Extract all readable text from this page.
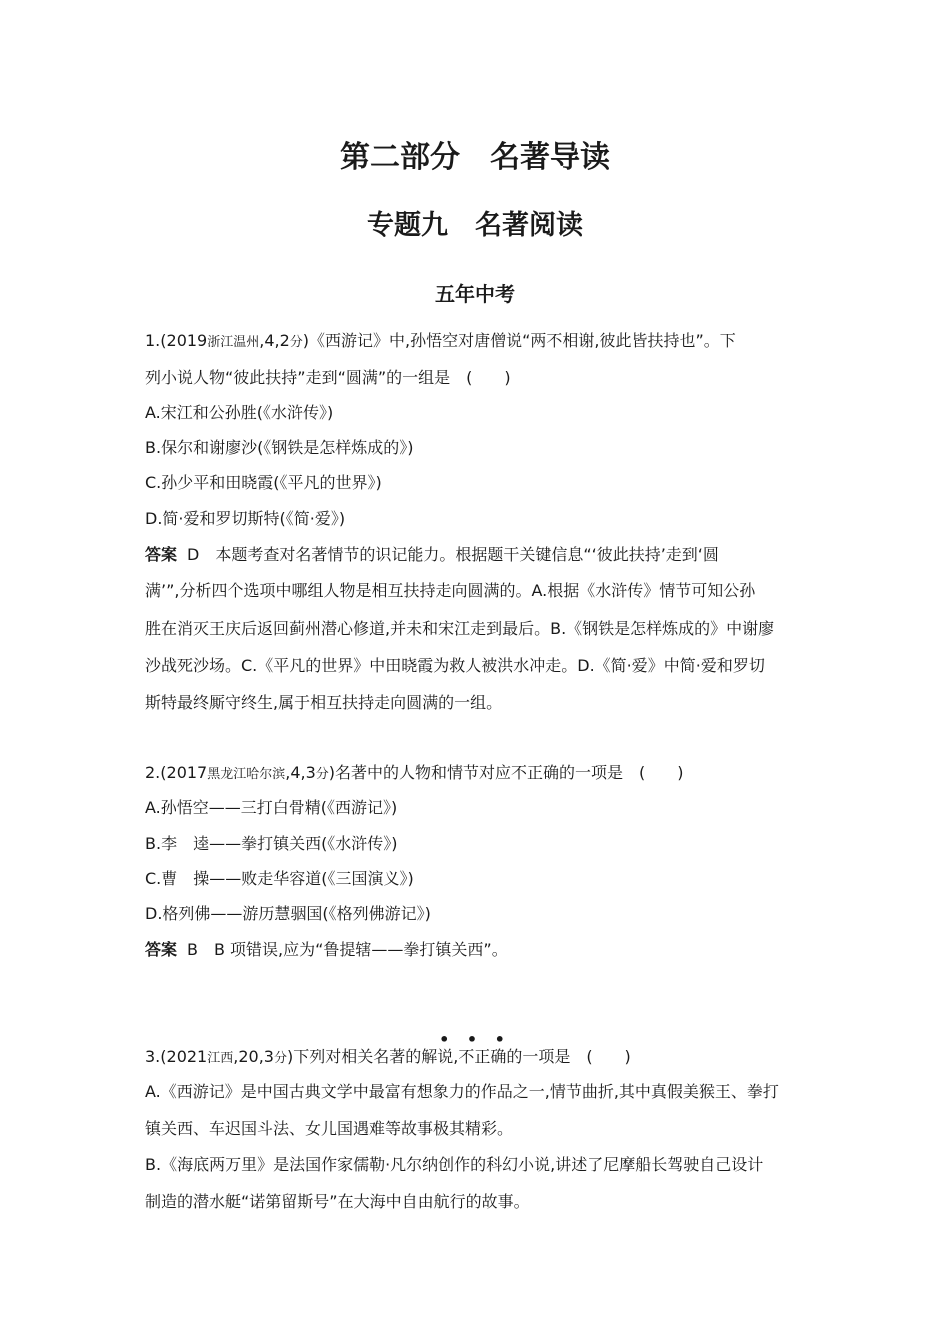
第二部分　名著导读
专题九　名著阅读
五年中考
1.(2019浙江温州,4,2分)《西游记》中,孙悟空对唐僧说“两不相谢,彼此皆扶持也”。下
列小说人物“彼此扶持”走到“圆满”的一组是　(　　)
A.宋江和公孙胜(《水浒传》)
B.保尔和谢廖沙(《钢铁是怎样炼成的》)
C.孙少平和田晓霞(《平凡的世界》)
D.简·爱和罗切斯特(《简·爱》)
答案 D　本题考查对名著情节的识记能力。根据题干关键信息“‘彼此扶持’走到‘圆
满’”,分析四个选项中哪组人物是相互扶持走向圆满的。A.根据《水浒传》情节可知公孙
胜在消灭王庆后返回蓟州潜心修道,并未和宋江走到最后。B.《钢铁是怎样炼成的》中谢廖
沙战死沙场。C.《平凡的世界》中田晓霞为救人被洪水冲走。D.《简·爱》中简·爱和罗切
斯特最终厮守终生,属于相互扶持走向圆满的一组。
2.(2017黑龙江哈尔滨,4,3分)名著中的人物和情节对应不正确的一项是　(　　)
A.孙悟空——三打白骨精(《西游记》)
B.李　逵——拳打镇关西(《水浒传》)
C.曹　操——败走华容道(《三国演义》)
D.格列佛——游历慧骃国(《格列佛游记》)
答案 B　B 项错误,应为“鲁提辖——拳打镇关西”。
• • •
3.(2021江西,20,3分)下列对相关名著的解说,不正确的一项是　(　　)
A.《西游记》是中国古典文学中最富有想象力的作品之一,情节曲折,其中真假美猴王、拳打
镇关西、车迟国斗法、女儿国遇难等故事极其精彩。
B.《海底两万里》是法国作家儒勒·凡尔纳创作的科幻小说,讲述了尼摩船长驾驶自己设计
制造的潜水艇“诺第留斯号”在大海中自由航行的故事。
